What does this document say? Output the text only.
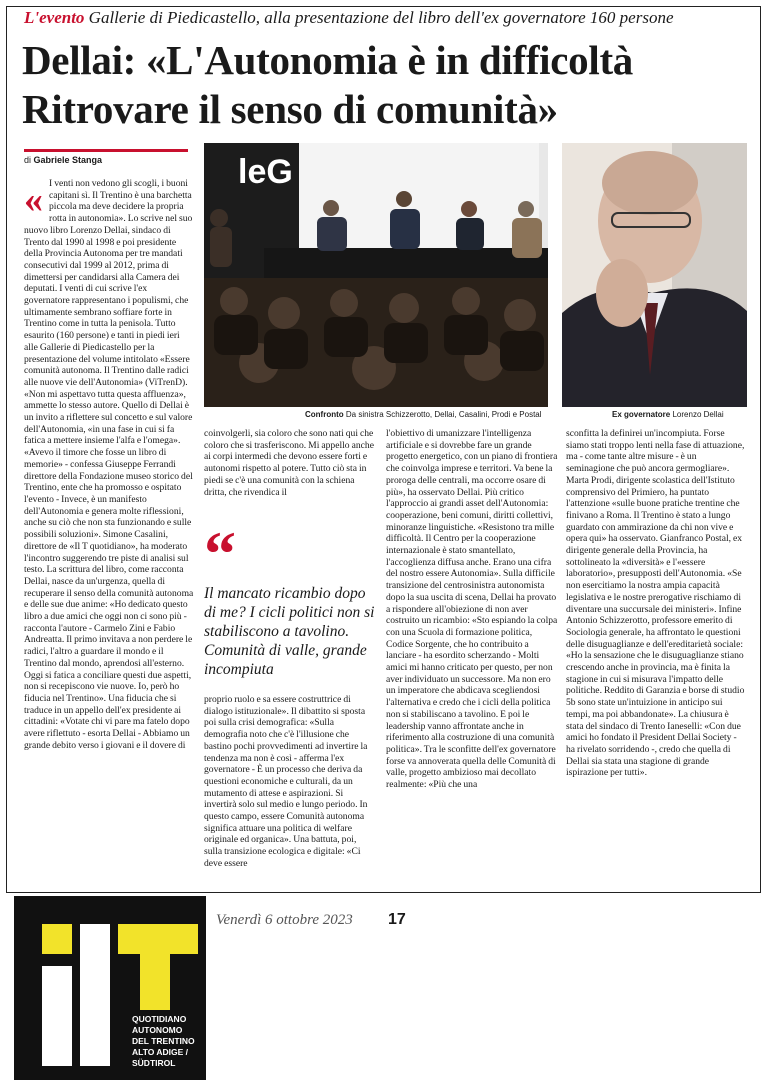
L'evento Gallerie di Piedicastello, alla presentazione del libro dell'ex governatore 160 persone
Dellai: «L'Autonomia è in difficoltà
Ritrovare il senso di comunità»
di Gabriele Stanga
« I venti non vedono gli scogli, i buoni capitani sì. Il Trentino è una barchetta piccola ma deve decidere la propria rotta in autonomia». Lo scrive nel suo nuovo libro Lorenzo Dellai, sindaco di Trento dal 1990 al 1998 e poi presidente della Provincia Autonoma per tre mandati consecutivi dal 1999 al 2012, prima di dimettersi per candidarsi alla Camera dei deputati. I venti di cui scrive l'ex governatore rappresentano i populismi, che ultimamente sembrano soffiare forte in Trentino come in tutta la penisola. Tutto esaurito (160 persone) e tanti in piedi ieri alle Gallerie di Piedicastello per la presentazione del volume intitolato «Essere comunità autonoma. Il Trentino dalle radici alle nuove vie dell'Autonomia» (ViTrenD). «Non mi aspettavo tutta questa affluenza», ammette lo stesso autore. Quello di Dellai è un invito a riflettere sul concetto e sul valore dell'Autonomia, «in una fase in cui si fa fatica a mettere insieme l'alfa e l'omega». «Avevo il timore che fosse un libro di memorie» - confessa Giuseppe Ferrandi direttore della Fondazione museo storico del Trentino, ente che ha promosso e ospitato l'evento - Invece, è un manifesto dell'Autonomia e genera molte riflessioni, anche su ciò che non sta funzionando e sulle possibili soluzioni». Simone Casalini, direttore de «Il T quotidiano», ha moderato l'incontro suggerendo tre piste di analisi sul testo. La scrittura del libro, come racconta Dellai, nasce da un'urgenza, quella di recuperare il senso della comunità autonoma e delle sue due anime: «Ho dedicato questo libro a due amici che oggi non ci sono più - racconta l'autore - Carmelo Zini e Fabio Andreatta. Il primo invitava a non perdere le radici, l'altro a guardare il mondo e il Trentino dal mondo, aprendosi all'esterno. Oggi si fatica a conciliare questi due aspetti, non si recepiscono vie nuove. Io, però ho fiducia nel Trentino». Una fiducia che si traduce in un appello dell'ex presidente ai cittadini: «Votate chi vi pare ma fatelo dopo avere riflettuto - esorta Dellai - Abbiamo un grande debito verso i giovani e il dovere di

leG
Confronto Da sinistra Schizzerotto, Dellai, Casalini, Prodi e Postal	Ex governatore Lorenzo Dellai

coinvolgerli, sia coloro che sono nati qui che coloro che si trasferiscono. Mi appello anche ai corpi intermedi che devono essere forti e autonomi rispetto al potere. Tutto ciò sta in piedi se c'è una comunità con la schiena dritta, che rivendica il

“
Il mancato ricambio dopo di me? I cicli politici non si stabiliscono a tavolino. Comunità di valle, grande incompiuta

proprio ruolo e sa essere costruttrice di dialogo istituzionale». Il dibattito si sposta poi sulla crisi demografica: «Sulla demografia noto che c'è l'illusione che bastino pochi provvedimenti ad invertire la tendenza ma non è così - afferma l'ex governatore - È un processo che deriva da questioni economiche e culturali, da un mutamento di attese e aspirazioni. Si invertirà solo sul medio e lungo periodo. In questo campo, essere Comunità autonoma significa attuare una politica di welfare originale ed organica». Una battuta, poi, sulla transizione ecologica e digitale: «Ci deve essere

l'obiettivo di umanizzare l'intelligenza artificiale e si dovrebbe fare un grande progetto energetico, con un piano di frontiera che coinvolga imprese e territori. Va bene la proroga delle centrali, ma occorre osare di più», ha osservato Dellai. Più critico l'approccio ai grandi asset dell'Autonomia: cooperazione, beni comuni, diritti collettivi, minoranze linguistiche. «Resistono tra mille difficoltà. Il Centro per la cooperazione internazionale è stato smantellato, l'accoglienza diffusa anche. Erano una cifra del nostro essere Autonomia». Sulla difficile transizione del centrosinistra autonomista dopo la sua uscita di scena, Dellai ha provato a rispondere all'obiezione di non aver costruito un ricambio: «Sto espiando la colpa con una Scuola di formazione politica, Codice Sorgente, che ho contribuito a lanciare - ha esordito scherzando - Molti amici mi hanno criticato per questo, per non aver individuato un successore. Ma non ero un imperatore che abdicava scegliendosi l'alternativa e credo che i cicli della politica non si stabiliscano a tavolino. E poi le leadership vanno affrontate anche in riferimento alla costruzione di una comunità politica». Tra le sconfitte dell'ex governatore forse va annoverata quella delle Comunità di valle, progetto ambizioso mai decollato realmente: «Più che una

sconfitta la definirei un'incompiuta. Forse siamo stati troppo lenti nella fase di attuazione, ma - come tante altre misure - è un seminagione che può ancora germogliare». Marta Prodi, dirigente scolastica dell'Istituto comprensivo del Primiero, ha puntato l'attenzione «sulle buone pratiche trentine che finivano a Roma. Il Trentino è stato a lungo guardato con ammirazione da chi non vive e opera qui» ha osservato. Gianfranco Postal, ex dirigente generale della Provincia, ha sottolineato la «diversità» e l'«essere laboratorio», presupposti dell'Autonomia. «Se non esercitiamo la nostra ampia capacità legislativa e le nostre prerogative rischiamo di diventare una succursale dei ministeri». Infine Antonio Schizzerotto, professore emerito di Sociologia generale, ha affrontato le questioni delle disuguaglianze e dell'ereditarietà sociale: «Ho la sensazione che le disuguaglianze stiano crescendo anche in provincia, ma è finita la stagione in cui si misurava l'impatto delle politiche. Reddito di Garanzia e borse di studio 5b sono state un'intuizione in anticipo sui tempi, ma poi abbandonate». La chiusura è stata del sindaco di Trento Ianeselli: «Con due amici ho fondato il President Dellai Society - ha rivelato sorridendo -, credo che quella di Dellai sia stata una stagione di grande ispirazione per tutti».

Venerdì 6 ottobre 2023 17
QUOTIDIANO
AUTONOMO
DEL TRENTINO
ALTO ADIGE /
SÜDTIROL
